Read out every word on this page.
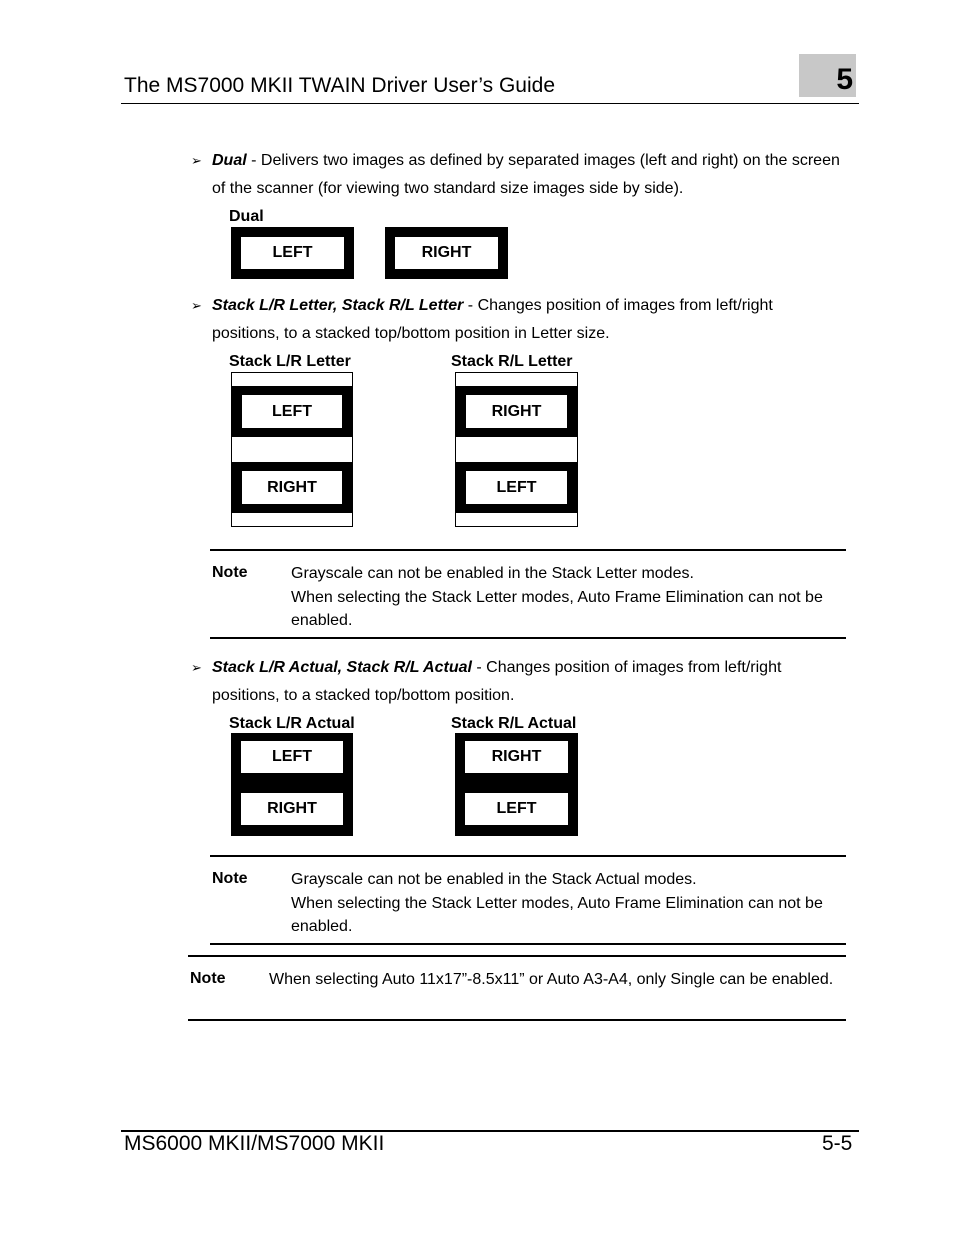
The MS7000 MKII TWAIN Driver User’s Guide	5
➢ Dual - Delivers two images as defined by separated images (left and right) on the screen of the scanner (for viewing two standard size images side by side).
Dual
LEFT	RIGHT
➢ Stack L/R Letter, Stack R/L Letter - Changes position of images from left/right positions, to a stacked top/bottom position in Letter size.
Stack L/R Letter	Stack R/L Letter
LEFT
RIGHT
RIGHT
LEFT
Note	Grayscale can not be enabled in the Stack Letter modes.
When selecting the Stack Letter modes, Auto Frame Elimination can not be enabled.
➢ Stack L/R Actual, Stack R/L Actual - Changes position of images from left/right positions, to a stacked top/bottom position.
Stack L/R Actual	Stack R/L Actual
LEFT
RIGHT
RIGHT
LEFT
Note	Grayscale can not be enabled in the Stack Actual modes.
When selecting the Stack Letter modes, Auto Frame Elimination can not be enabled.
Note	When selecting Auto 11x17”-8.5x11” or Auto A3-A4, only Single can be enabled.
MS6000 MKII/MS7000 MKII	5-5
